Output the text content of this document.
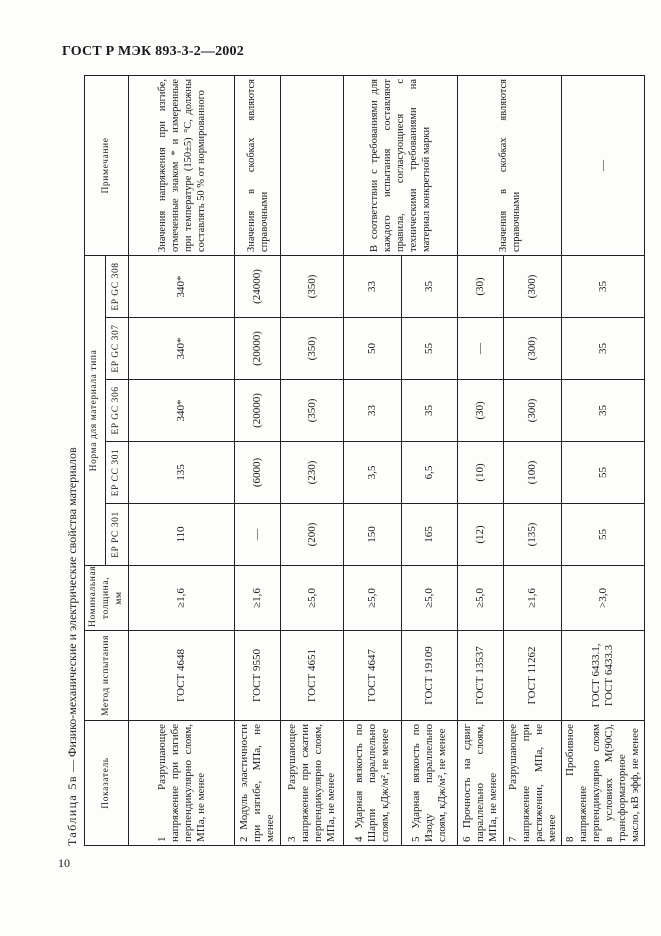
ГОСТ Р МЭК 893-3-2—2002
Таблица 5в — Физико-механические и электрические свойства материалов
Показатель	Метод испытания	Номинальная толщина, мм	Норма для материала типа					Примечание
			EP PC 301	EP CC 301	EP GC 306	EP GC 307	EP GC 308	
1 Разрушающее напряжение при изгибе перпендикулярно слоям, МПа, не менее	ГОСТ 4648	≥1,6	110	135	340*	340*	340*	Значения напряжения при изгибе, отмеченные знаком * и измеренные при температуре (150±5) °С, должны составлять 50 % от нормированного
2 Модуль эластичности при изгибе, МПа, не менее	ГОСТ 9550	≥1,6	—	(6000)	(20000)	(20000)	(24000)	Значения в скобках являются справочными
3 Разрушающее напряжение при сжатии перпендикулярно слоям, МПа, не менее	ГОСТ 4651	≥5,0	(200)	(230)	(350)	(350)	(350)	
4 Ударная вязкость по Шарпи параллельно слоям, кДж/м², не менее	ГОСТ 4647	≥5,0	150	3,5	33	50	33	В соответствии с требованиями для каждого испытания составляют правила, согласующиеся с техническими требованиями на материал конкретной марки
5 Ударная вязкость по Изоду параллельно слоям, кДж/м², не менее	ГОСТ 19109	≥5,0	165	6,5	35	55	35	
6 Прочность на сдвиг параллельно слоям, МПа, не менее	ГОСТ 13537	≥5,0	(12)	(10)	(30)	—	(30)	Значения в скобках являются справочными
7 Разрушающее напряжение при растяжении, МПа, не менее	ГОСТ 11262	≥1,6	(135)	(100)	(300)	(300)	(300)	
8 Пробивное напряжение перпендикулярно слоям в условиях М(90С), трансформаторное масло, кВ эфф, не менее	ГОСТ 6433.1, ГОСТ 6433.3	>3,0	55	55	35	35	35	—
10
